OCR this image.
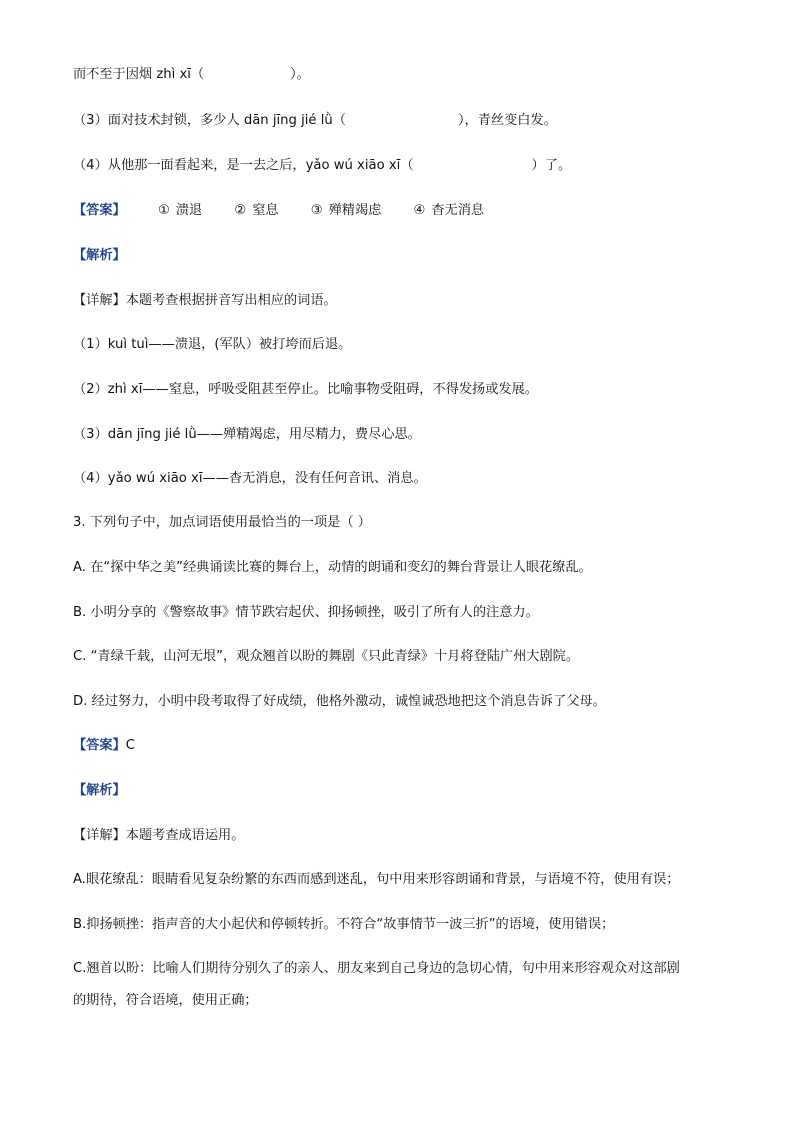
而不至于因烟 zhì xī（	）。
（3）面对技术封锁，多少人 dān jīng jié lǜ（	），青丝变白发。
（4）从他那一面看起来，是一去之后，yǎo wú xiāo xī（	）了。
【答案】 ① 溃退 ② 窒息 ③ 殚精竭虑 ④ 杳无消息
【解析】
【详解】本题考查根据拼音写出相应的词语。
（1）kuì tuì——溃退，(军队）被打垮而后退。
（2）zhì xī——窒息，呼吸受阻甚至停止。比喻事物受阻碍，不得发扬或发展。
（3）dān jīng jié lǜ——殚精竭虑，用尽精力，费尽心思。
（4）yǎo wú xiāo xī——杳无消息，没有任何音讯、消息。
3. 下列句子中，加点词语使用最恰当的一项是（ ）
A. 在“探中华之美”经典诵读比赛的舞台上，动情的朗诵和变幻的舞台背景让人眼花缭乱。
B. 小明分享的《警察故事》情节跌宕起伏、抑扬顿挫，吸引了所有人的注意力。
C. “青绿千载，山河无垠”，观众翘首以盼的舞剧《只此青绿》十月将登陆广州大剧院。
D. 经过努力，小明中段考取得了好成绩，他格外激动，诚惶诚恐地把这个消息告诉了父母。
【答案】C
【解析】
【详解】本题考查成语运用。
A.眼花缭乱：眼睛看见复杂纷繁的东西而感到迷乱，句中用来形容朗诵和背景，与语境不符，使用有误；
B.抑扬顿挫：指声音的大小起伏和停顿转折。不符合“故事情节一波三折”的语境，使用错误；
C.翘首以盼：比喻人们期待分别久了的亲人、朋友来到自己身边的急切心情，句中用来形容观众对这部剧
的期待，符合语境，使用正确；
